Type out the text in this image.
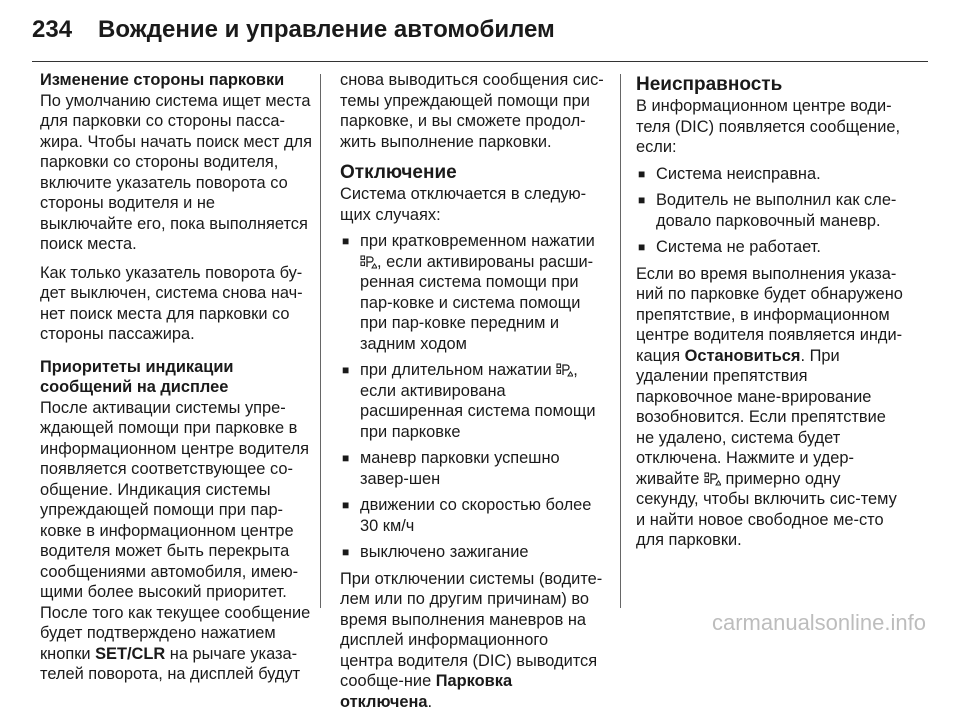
234 Вождение и управление автомобилем
Изменение стороны парковки

По умолчанию система ищет места для парковки со стороны пасса-жира. Чтобы начать поиск мест для парковки со стороны водителя, включите указатель поворота со стороны водителя и не выключайте его, пока выполняется поиск места.

Как только указатель поворота бу-дет выключен, система снова нач-нет поиск места для парковки со стороны пассажира.

Приоритеты индикации сообщений на дисплее

После активации системы упре-ждающей помощи при парковке в информационном центре водителя появляется соответствующее со-общение. Индикация системы упреждающей помощи при пар-ковке в информационном центре водителя может быть перекрыта сообщениями автомобиля, имею-щими более высокий приоритет. После того как текущее сообщение будет подтверждено нажатием кнопки SET/CLR на рычаге указа-телей поворота, на дисплей будут

снова выводиться сообщения сис-темы упреждающей помощи при парковке, и вы сможете продол-жить выполнение парковки.

Отключение

Система отключается в следую-щих случаях:

■ при кратковременном нажатии , если активированы расши-ренная система помощи при пар-ковке и система помощи при пар-ковке передним и задним ходом
■ при длительном нажатии , если активирована расширенная система помощи при парковке
■ маневр парковки успешно завер-шен
■ движении со скоростью более 30 км/ч
■ выключено зажигание

При отключении системы (водите-лем или по другим причинам) во время выполнения маневров на дисплей информационного центра водителя (DIC) выводится сообще-ние Парковка отключена.

Неисправность

В информационном центре води-теля (DIC) появляется сообщение, если:

■ Система неисправна.
■ Водитель не выполнил как сле-довало парковочный маневр.
■ Система не работает.

Если во время выполнения указа-ний по парковке будет обнаружено препятствие, в информационном центре водителя появляется инди-кация Остановиться. При удалении препятствия парковочное мане-врирование возобновится. Если препятствие не удалено, система будет отключена. Нажмите и удер-живайте  примерно одну секунду, чтобы включить сис-тему и найти новое свободное ме-сто для парковки.

carmanualsonline.info
